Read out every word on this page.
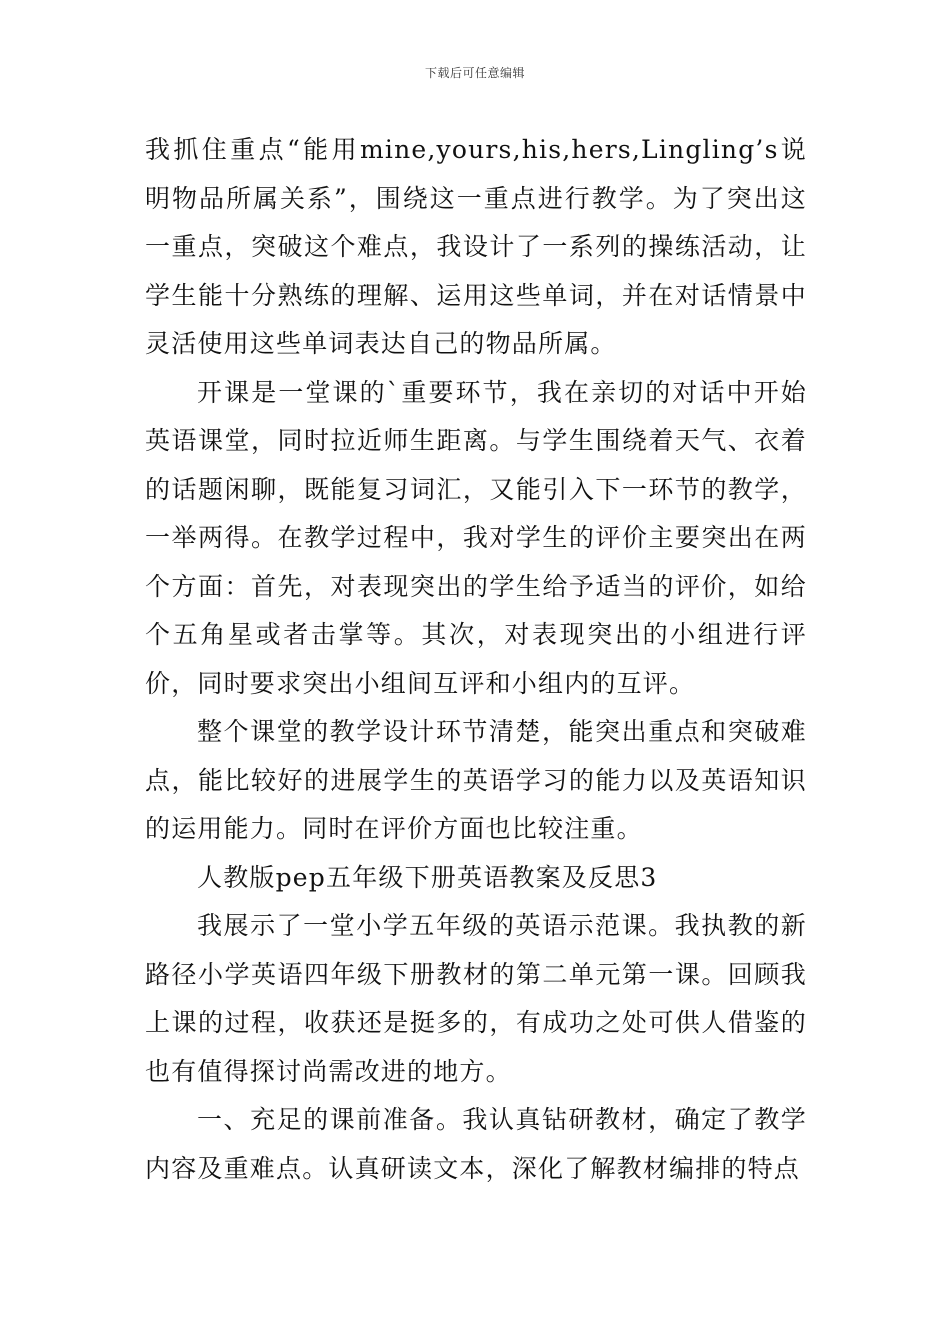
下载后可任意编辑

我抓住重点“能用mine,yours,his,hers,Lingling’s说明物品所属关系”，围绕这一重点进行教学。为了突出这一重点，突破这个难点，我设计了一系列的操练活动，让学生能十分熟练的理解、运用这些单词，并在对话情景中灵活使用这些单词表达自己的物品所属。

开课是一堂课的`重要环节，我在亲切的对话中开始英语课堂，同时拉近师生距离。与学生围绕着天气、衣着的话题闲聊，既能复习词汇，又能引入下一环节的教学，一举两得。在教学过程中，我对学生的评价主要突出在两个方面：首先，对表现突出的学生给予适当的评价，如给个五角星或者击掌等。其次，对表现突出的小组进行评价，同时要求突出小组间互评和小组内的互评。

整个课堂的教学设计环节清楚，能突出重点和突破难点，能比较好的进展学生的英语学习的能力以及英语知识的运用能力。同时在评价方面也比较注重。

人教版pep五年级下册英语教案及反思3

我展示了一堂小学五年级的英语示范课。我执教的新路径小学英语四年级下册教材的第二单元第一课。回顾我上课的过程，收获还是挺多的，有成功之处可供人借鉴的也有值得探讨尚需改进的地方。

一、充足的课前准备。我认真钻研教材，确定了教学内容及重难点。认真研读文本，深化了解教材编排的特点
